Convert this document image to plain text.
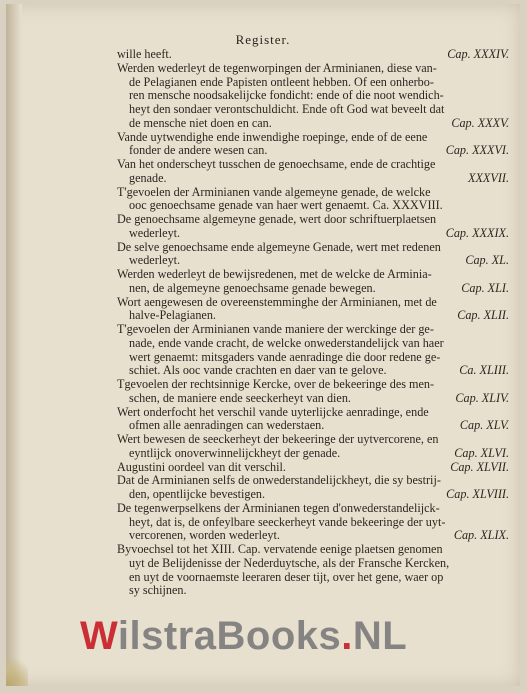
Register.
wille heeft.	Cap. XXXIV.
Werden wederleyt de tegenworpingen der Arminianen, diese van-
de Pelagianen ende Papisten ontleent hebben. Of een onherbo-
ren mensche noodsakelijcke fondicht: ende of die noot wendich-
heyt den sondaer verontschuldicht. Ende oft God wat beveelt dat
de mensche niet doen en can.	Cap. XXXV.
Vande uytwendighe ende inwendighe roepinge, ende of de eene
fonder de andere wesen can.	Cap. XXXVI.
Van het onderscheyt tusschen de genoechsame, ende de crachtige
genade.	XXXVII.
T'gevoelen der Arminianen vande algemeyne genade, de welcke
ooc genoechsame genade van haer wert genaemt. Ca. XXXVIII.
De genoechsame algemeyne genade, wert door schriftuerplaetsen
wederleyt.	Cap. XXXIX.
De selve genoechsame ende algemeyne Genade, wert met redenen
wederleyt.	Cap. XL.
Werden wederleyt de bewijsredenen, met de welcke de Arminia-
nen, de algemeyne genoechsame genade bewegen.	Cap. XLI.
Wort aengewesen de overeenstemminghe der Arminianen, met de
halve-Pelagianen.	Cap. XLII.
T'gevoelen der Arminianen vande maniere der werckinge der ge-
nade, ende vande cracht, de welcke onwederstandelijck van haer
wert genaemt: mitsgaders vande aenradinge die door redene ge-
schiet. Als ooc vande crachten en daer van te gelove.	Ca. XLIII.
Tgevoelen der rechtsinnige Kercke, over de bekeeringe des men-
schen, de maniere ende seeckerheyt van dien.	Cap. XLIV.
Wert onderfocht het verschil vande uyterlijcke aenradinge, ende
ofmen alle aenradingen can wederstaen.	Cap. XLV.
Wert bewesen de seeckerheyt der bekeeringe der uytvercorene, en
eyntlijck onoverwinnelijckheyt der genade.	Cap. XLVI.
Augustini oordeel van dit verschil.	Cap. XLVII.
Dat de Arminianen selfs de onwederstandelijckheyt, die sy bestrij-
den, opentlijcke bevestigen.	Cap. XLVIII.
De tegenwerpselkens der Arminianen tegen d'onwederstandelijck-
heyt, dat is, de onfeylbare seeckerheyt vande bekeeringe der uyt-
vercorenen, worden wederleyt.	Cap. XLIX.
Byvoechsel tot het XIII. Cap. vervatende eenige plaetsen genomen
uyt de Belijdenisse der Nederduytsche, als der Fransche Kercken,
en uyt de voornaemste leeraren deser tijt, over het gene, waer op
sy schijnen.
WilstraBooks.NL
